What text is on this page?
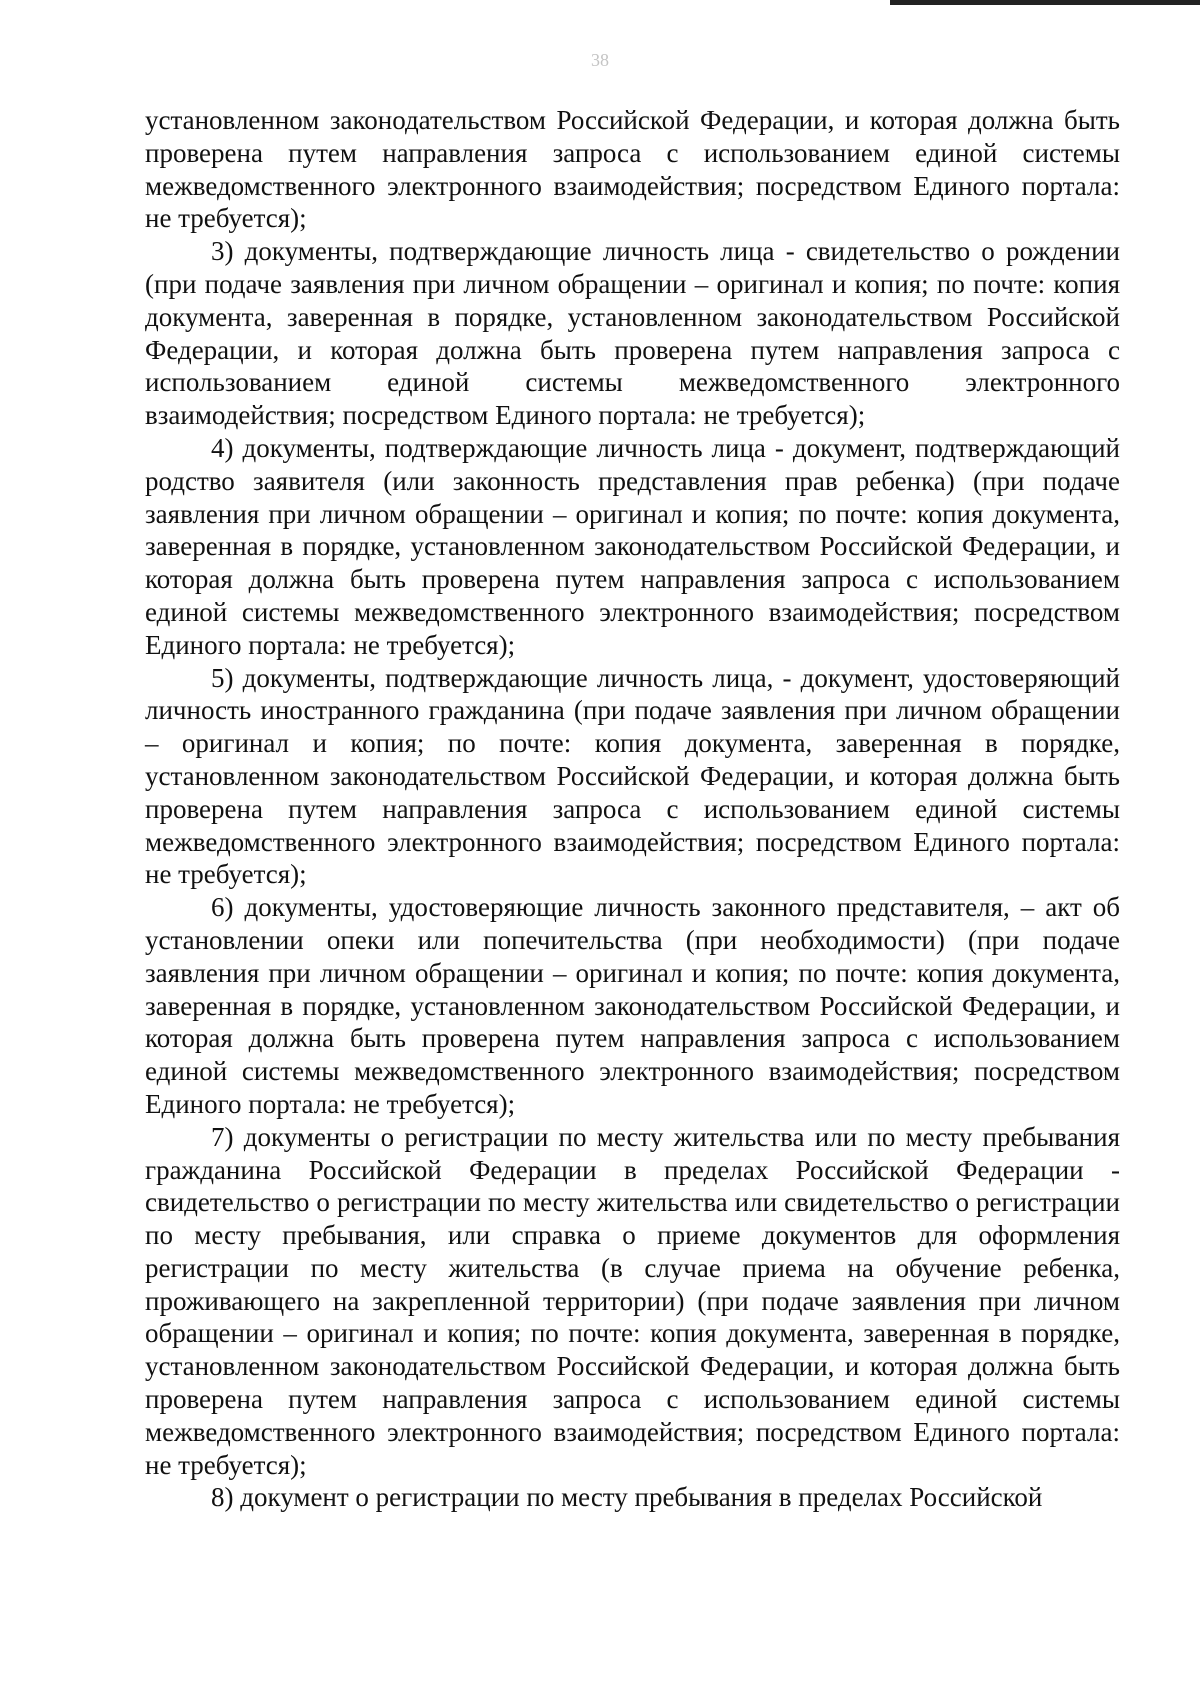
38

установленном законодательством Российской Федерации, и которая должна быть проверена путем направления запроса с использованием единой системы межведомственного электронного взаимодействия; посредством Единого портала: не требуется);

3) документы, подтверждающие личность лица - свидетельство о рождении (при подаче заявления при личном обращении – оригинал и копия; по почте: копия документа, заверенная в порядке, установленном законодательством Российской Федерации, и которая должна быть проверена путем направления запроса с использованием единой системы межведомственного электронного взаимодействия; посредством Единого портала: не требуется);

4) документы, подтверждающие личность лица - документ, подтверждающий родство заявителя (или законность представления прав ребенка) (при подаче заявления при личном обращении – оригинал и копия; по почте: копия документа, заверенная в порядке, установленном законодательством Российской Федерации, и которая должна быть проверена путем направления запроса с использованием единой системы межведомственного электронного взаимодействия; посредством Единого портала: не требуется);

5) документы, подтверждающие личность лица, - документ, удостоверяющий личность иностранного гражданина (при подаче заявления при личном обращении – оригинал и копия; по почте: копия документа, заверенная в порядке, установленном законодательством Российской Федерации, и которая должна быть проверена путем направления запроса с использованием единой системы межведомственного электронного взаимодействия; посредством Единого портала: не требуется);

6) документы, удостоверяющие личность законного представителя, – акт об установлении опеки или попечительства (при необходимости) (при подаче заявления при личном обращении – оригинал и копия; по почте: копия документа, заверенная в порядке, установленном законодательством Российской Федерации, и которая должна быть проверена путем направления запроса с использованием единой системы межведомственного электронного взаимодействия; посредством Единого портала: не требуется);

7) документы о регистрации по месту жительства или по месту пребывания гражданина Российской Федерации в пределах Российской Федерации - свидетельство о регистрации по месту жительства или свидетельство о регистрации по месту пребывания, или справка о приеме документов для оформления регистрации по месту жительства (в случае приема на обучение ребенка, проживающего на закрепленной территории) (при подаче заявления при личном обращении – оригинал и копия; по почте: копия документа, заверенная в порядке, установленном законодательством Российской Федерации, и которая должна быть проверена путем направления запроса с использованием единой системы межведомственного электронного взаимодействия; посредством Единого портала: не требуется);

8) документ о регистрации по месту пребывания в пределах Российской
